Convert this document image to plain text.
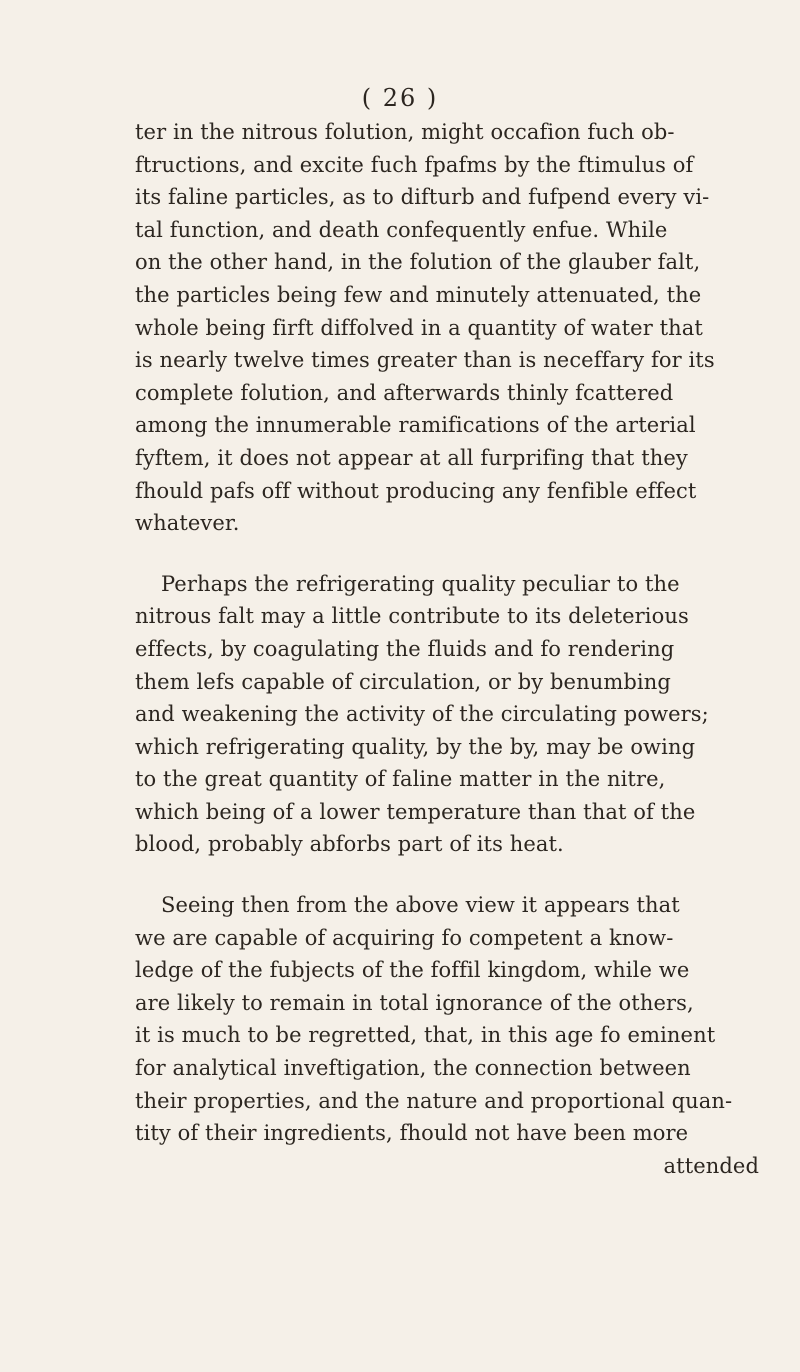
( 26 )
ter in the nitrous folution, might occafion fuch ob-
ftructions, and excite fuch fpafms by the ftimulus of
its faline particles, as to difturb and fufpend every vi-
tal function, and death confequently enfue. While
on the other hand, in the folution of the glauber falt,
the particles being few and minutely attenuated, the
whole being firft diffolved in a quantity of water that
is nearly twelve times greater than is neceffary for its
complete folution, and afterwards thinly fcattered
among the innumerable ramifications of the arterial
fyftem, it does not appear at all furprifing that they
fhould pafs off without producing any fenfible effect
whatever.
Perhaps the refrigerating quality peculiar to the
nitrous falt may a little contribute to its deleterious
effects, by coagulating the fluids and fo rendering
them lefs capable of circulation, or by benumbing
and weakening the activity of the circulating powers;
which refrigerating quality, by the by, may be owing
to the great quantity of faline matter in the nitre,
which being of a lower temperature than that of the
blood, probably abforbs part of its heat.
Seeing then from the above view it appears that
we are capable of acquiring fo competent a know-
ledge of the fubjects of the foffil kingdom, while we
are likely to remain in total ignorance of the others,
it is much to be regretted, that, in this age fo eminent
for analytical inveftigation, the connection between
their properties, and the nature and proportional quan-
tity of their ingredients, fhould not have been more
attended
